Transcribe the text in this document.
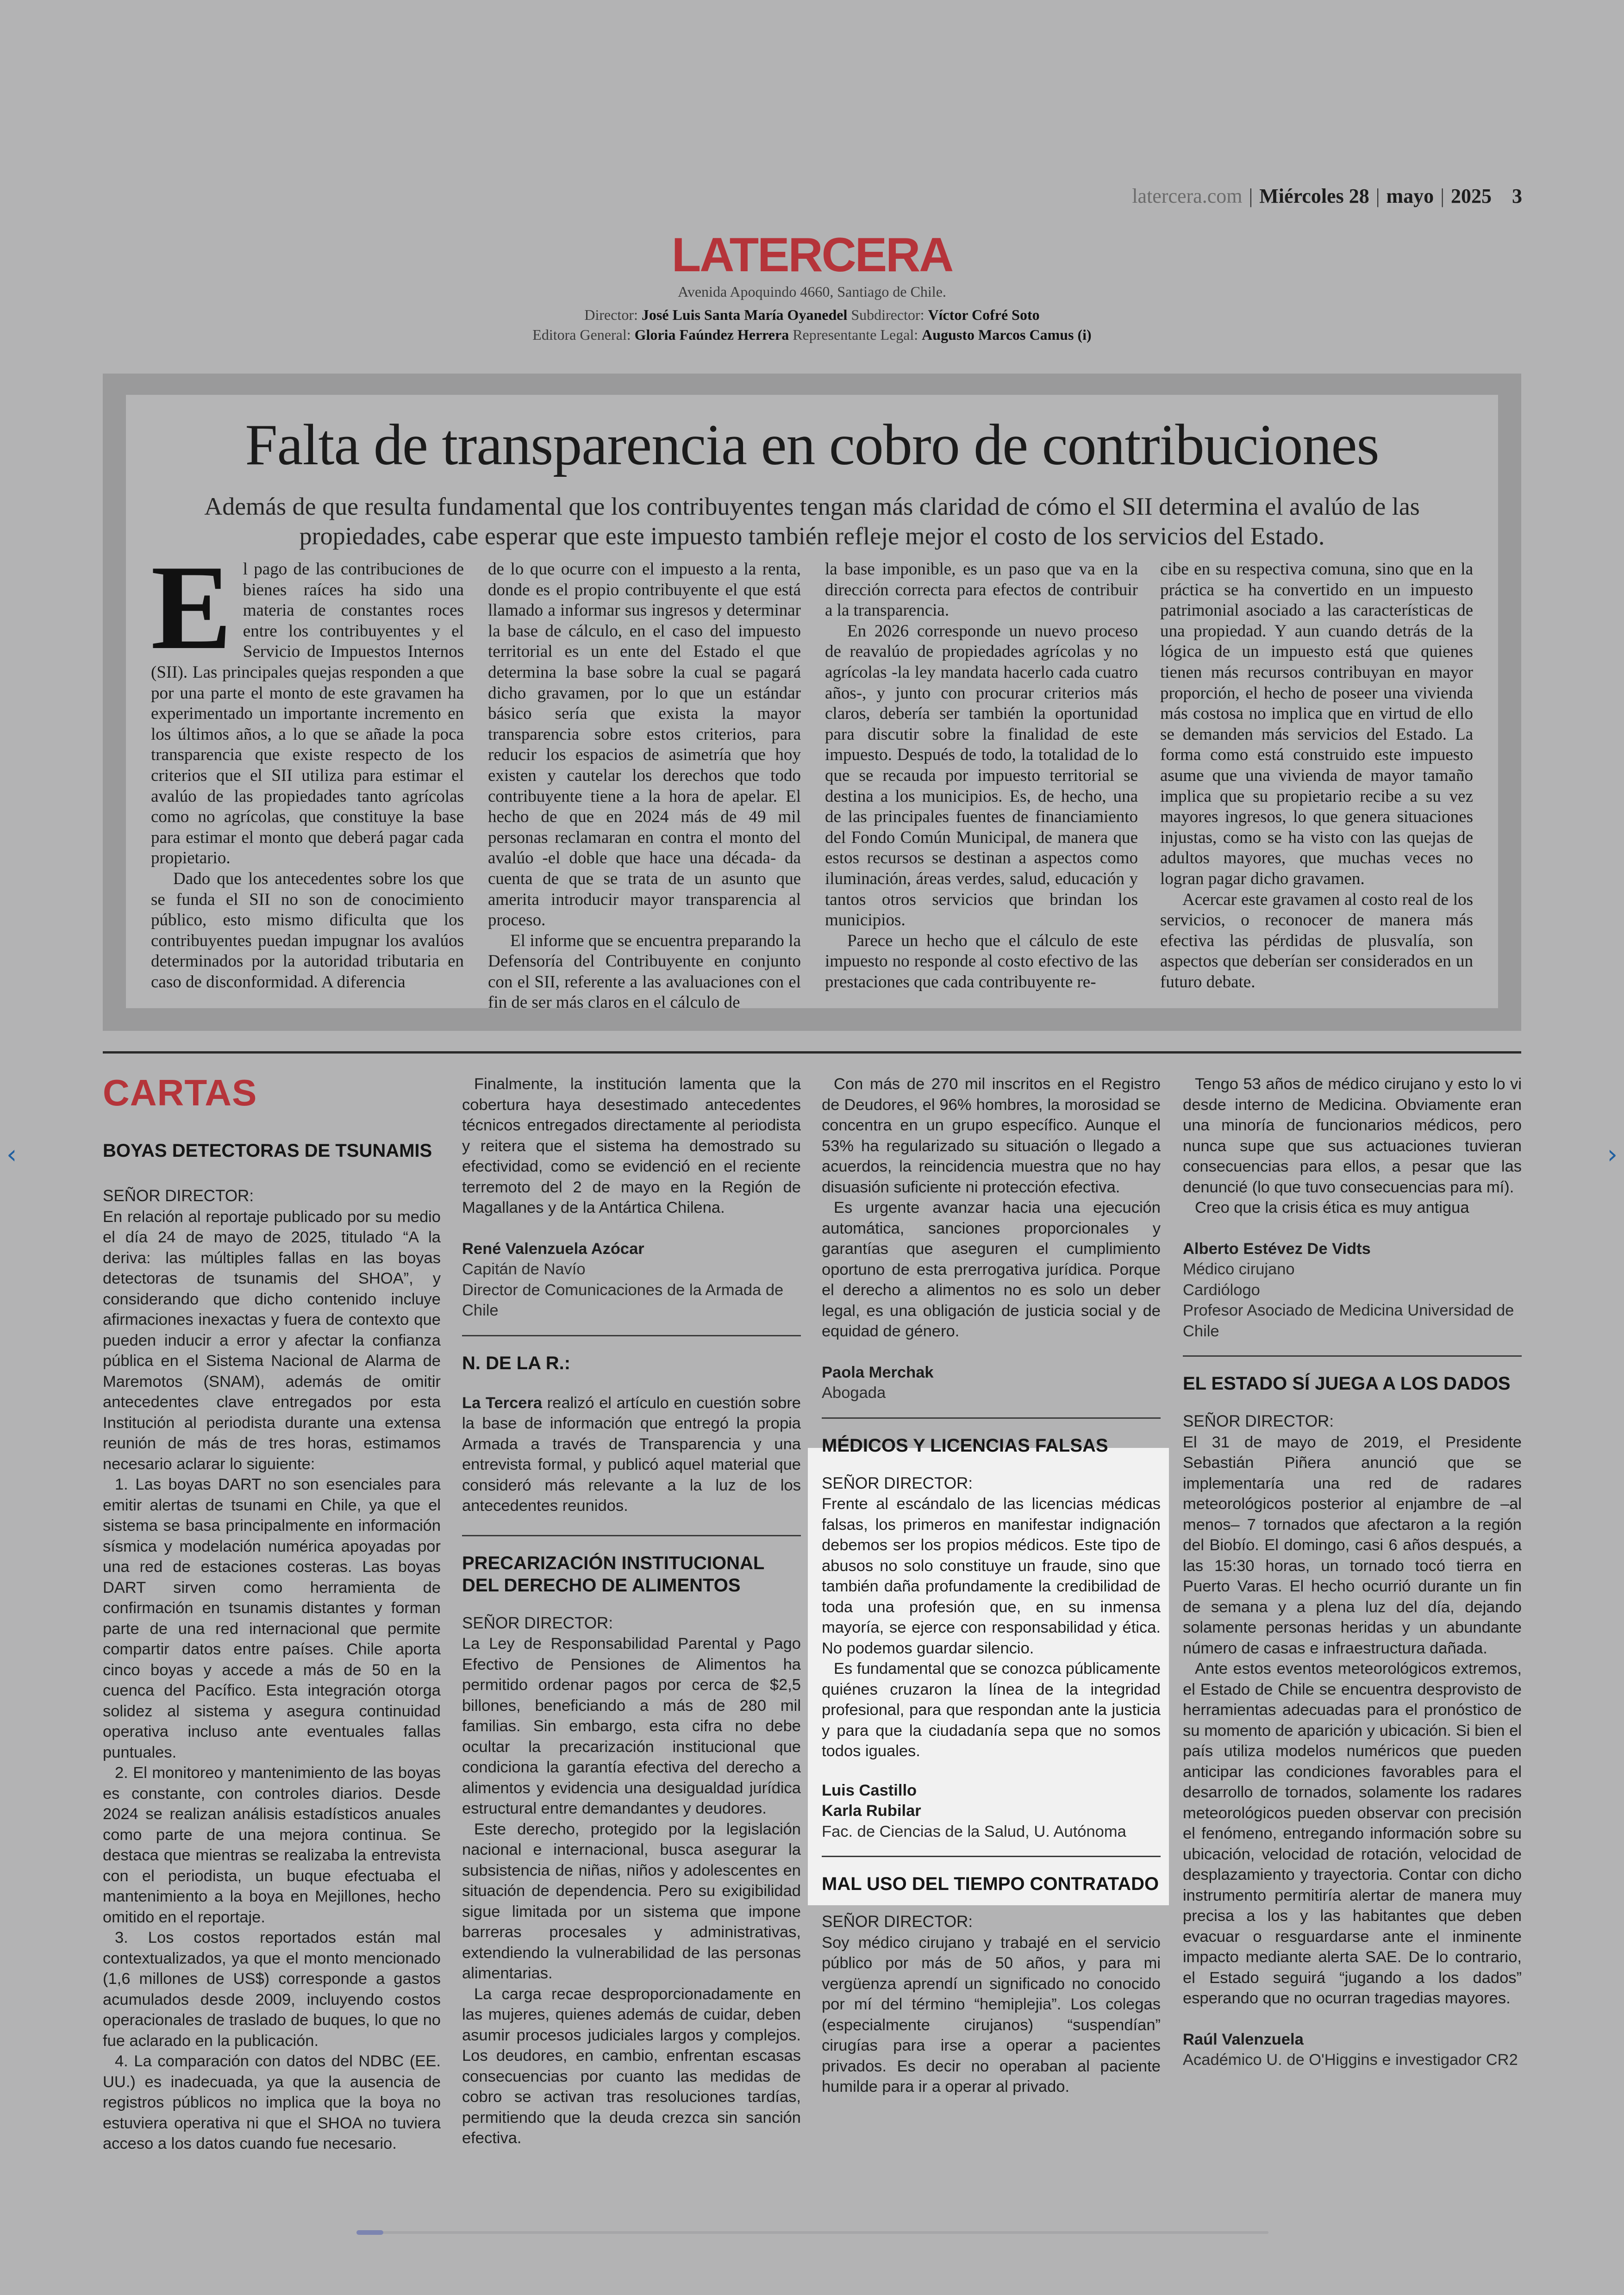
latercera.com | Miércoles 28 | mayo | 2025 3
LATERCERA
Avenida Apoquindo 4660, Santiago de Chile.
Director: José Luis Santa María Oyanedel Subdirector: Víctor Cofré Soto
Editora General: Gloria Faúndez Herrera Representante Legal: Augusto Marcos Camus (i)
Falta de transparencia en cobro de contribuciones
Además de que resulta fundamental que los contribuyentes tengan más claridad de cómo el SII determina el avalúo de las propiedades, cabe esperar que este impuesto también refleje mejor el costo de los servicios del Estado.

El pago de las contribuciones de bienes raíces ha sido una materia de constantes roces entre los contribuyentes y el Servicio de Impuestos Internos (SII). Las principales quejas responden a que por una parte el monto de este gravamen ha experimentado un importante incremento en los últimos años, a lo que se añade la poca transparencia que existe respecto de los criterios que el SII utiliza para estimar el avalúo de las propiedades tanto agrícolas como no agrícolas, que constituye la base para estimar el monto que deberá pagar cada propietario.

Dado que los antecedentes sobre los que se funda el SII no son de conocimiento público, esto mismo dificulta que los contribuyentes puedan impugnar los avalúos determinados por la autoridad tributaria en caso de disconformidad. A diferencia

de lo que ocurre con el impuesto a la renta, donde es el propio contribuyente el que está llamado a informar sus ingresos y determinar la base de cálculo, en el caso del impuesto territorial es un ente del Estado el que determina la base sobre la cual se pagará dicho gravamen, por lo que un estándar básico sería que exista la mayor transparencia sobre estos criterios, para reducir los espacios de asimetría que hoy existen y cautelar los derechos que todo contribuyente tiene a la hora de apelar. El hecho de que en 2024 más de 49 mil personas reclamaran en contra el monto del avalúo -el doble que hace una década- da cuenta de que se trata de un asunto que amerita introducir mayor transparencia al proceso.

El informe que se encuentra preparando la Defensoría del Contribuyente en conjunto con el SII, referente a las avaluaciones con el fin de ser más claros en el cálculo de

la base imponible, es un paso que va en la dirección correcta para efectos de contribuir a la transparencia.

En 2026 corresponde un nuevo proceso de reavalúo de propiedades agrícolas y no agrícolas -la ley mandata hacerlo cada cuatro años-, y junto con procurar criterios más claros, debería ser también la oportunidad para discutir sobre la finalidad de este impuesto. Después de todo, la totalidad de lo que se recauda por impuesto territorial se destina a los municipios. Es, de hecho, una de las principales fuentes de financiamiento del Fondo Común Municipal, de manera que estos recursos se destinan a aspectos como iluminación, áreas verdes, salud, educación y tantos otros servicios que brindan los municipios.

Parece un hecho que el cálculo de este impuesto no responde al costo efectivo de las prestaciones que cada contribuyente re-

cibe en su respectiva comuna, sino que en la práctica se ha convertido en un impuesto patrimonial asociado a las características de una propiedad. Y aun cuando detrás de la lógica de un impuesto está que quienes tienen más recursos contribuyan en mayor proporción, el hecho de poseer una vivienda más costosa no implica que en virtud de ello se demanden más servicios del Estado. La forma como está construido este impuesto asume que una vivienda de mayor tamaño implica que su propietario recibe a su vez mayores ingresos, lo que genera situaciones injustas, como se ha visto con las quejas de adultos mayores, que muchas veces no logran pagar dicho gravamen.

Acercar este gravamen al costo real de los servicios, o reconocer de manera más efectiva las pérdidas de plusvalía, son aspectos que deberían ser considerados en un futuro debate.

CARTAS

BOYAS DETECTORAS DE TSUNAMIS

SEÑOR DIRECTOR:

En relación al reportaje publicado por su medio el día 24 de mayo de 2025, titulado “A la deriva: las múltiples fallas en las boyas detectoras de tsunamis del SHOA”, y considerando que dicho contenido incluye afirmaciones inexactas y fuera de contexto que pueden inducir a error y afectar la confianza pública en el Sistema Nacional de Alarma de Maremotos (SNAM), además de omitir antecedentes clave entregados por esta Institución al periodista durante una extensa reunión de más de tres horas, estimamos necesario aclarar lo siguiente:

1. Las boyas DART no son esenciales para emitir alertas de tsunami en Chile, ya que el sistema se basa principalmente en información sísmica y modelación numérica apoyadas por una red de estaciones costeras. Las boyas DART sirven como herramienta de confirmación en tsunamis distantes y forman parte de una red internacional que permite compartir datos entre países. Chile aporta cinco boyas y accede a más de 50 en la cuenca del Pacífico. Esta integración otorga solidez al sistema y asegura continuidad operativa incluso ante eventuales fallas puntuales.

2. El monitoreo y mantenimiento de las boyas es constante, con controles diarios. Desde 2024 se realizan análisis estadísticos anuales como parte de una mejora continua. Se destaca que mientras se realizaba la entrevista con el periodista, un buque efectuaba el mantenimiento a la boya en Mejillones, hecho omitido en el reportaje.

3. Los costos reportados están mal contextualizados, ya que el monto mencionado (1,6 millones de US$) corresponde a gastos acumulados desde 2009, incluyendo costos operacionales de traslado de buques, lo que no fue aclarado en la publicación.

4. La comparación con datos del NDBC (EE. UU.) es inadecuada, ya que la ausencia de registros públicos no implica que la boya no estuviera operativa ni que el SHOA no tuviera acceso a los datos cuando fue necesario.

Finalmente, la institución lamenta que la cobertura haya desestimado antecedentes técnicos entregados directamente al periodista y reitera que el sistema ha demostrado su efectividad, como se evidenció en el reciente terremoto del 2 de mayo en la Región de Magallanes y de la Antártica Chilena.

René Valenzuela Azócar

Capitán de Navío

Director de Comunicaciones de la Armada de Chile

N. DE LA R.:

La Tercera realizó el artículo en cuestión sobre la base de información que entregó la propia Armada a través de Transparencia y una entrevista formal, y publicó aquel material que consideró más relevante a la luz de los antecedentes reunidos.

PRECARIZACIÓN INSTITUCIONAL DEL DERECHO DE ALIMENTOS

SEÑOR DIRECTOR:

La Ley de Responsabilidad Parental y Pago Efectivo de Pensiones de Alimentos ha permitido ordenar pagos por cerca de $2,5 billones, beneficiando a más de 280 mil familias. Sin embargo, esta cifra no debe ocultar la precarización institucional que condiciona la garantía efectiva del derecho a alimentos y evidencia una desigualdad jurídica estructural entre demandantes y deudores.

Este derecho, protegido por la legislación nacional e internacional, busca asegurar la subsistencia de niñas, niños y adolescentes en situación de dependencia. Pero su exigibilidad sigue limitada por un sistema que impone barreras procesales y administrativas, extendiendo la vulnerabilidad de las personas alimentarias.

La carga recae desproporcionadamente en las mujeres, quienes además de cuidar, deben asumir procesos judiciales largos y complejos. Los deudores, en cambio, enfrentan escasas consecuencias por cuanto las medidas de cobro se activan tras resoluciones tardías, permitiendo que la deuda crezca sin sanción efectiva.

Con más de 270 mil inscritos en el Registro de Deudores, el 96% hombres, la morosidad se concentra en un grupo específico. Aunque el 53% ha regularizado su situación o llegado a acuerdos, la reincidencia muestra que no hay disuasión suficiente ni protección efectiva.

Es urgente avanzar hacia una ejecución automática, sanciones proporcionales y garantías que aseguren el cumplimiento oportuno de esta prerrogativa jurídica. Porque el derecho a alimentos no es solo un deber legal, es una obligación de justicia social y de equidad de género.

Paola Merchak

Abogada

MÉDICOS Y LICENCIAS FALSAS

SEÑOR DIRECTOR:

Frente al escándalo de las licencias médicas falsas, los primeros en manifestar indignación debemos ser los propios médicos. Este tipo de abusos no solo constituye un fraude, sino que también daña profundamente la credibilidad de toda una profesión que, en su inmensa mayoría, se ejerce con responsabilidad y ética. No podemos guardar silencio.

Es fundamental que se conozca públicamente quiénes cruzaron la línea de la integridad profesional, para que respondan ante la justicia y para que la ciudadanía sepa que no somos todos iguales.

Luis Castillo

Karla Rubilar

Fac. de Ciencias de la Salud, U. Autónoma

MAL USO DEL TIEMPO CONTRATADO

SEÑOR DIRECTOR:

Soy médico cirujano y trabajé en el servicio público por más de 50 años, y para mi vergüenza aprendí un significado no conocido por mí del término “hemiplejia”. Los colegas (especialmente cirujanos) “suspendían” cirugías para irse a operar a pacientes privados. Es decir no operaban al paciente humilde para ir a operar al privado.

Tengo 53 años de médico cirujano y esto lo vi desde interno de Medicina. Obviamente eran una minoría de funcionarios médicos, pero nunca supe que sus actuaciones tuvieran consecuencias para ellos, a pesar que las denuncié (lo que tuvo consecuencias para mí).

Creo que la crisis ética es muy antigua

Alberto Estévez De Vidts

Médico cirujano

Cardiólogo

Profesor Asociado de Medicina Universidad de Chile

EL ESTADO SÍ JUEGA A LOS DADOS

SEÑOR DIRECTOR:

El 31 de mayo de 2019, el Presidente Sebastián Piñera anunció que se implementaría una red de radares meteorológicos posterior al enjambre de –al menos– 7 tornados que afectaron a la región del Biobío. El domingo, casi 6 años después, a las 15:30 horas, un tornado tocó tierra en Puerto Varas. El hecho ocurrió durante un fin de semana y a plena luz del día, dejando solamente personas heridas y un abundante número de casas e infraestructura dañada.

Ante estos eventos meteorológicos extremos, el Estado de Chile se encuentra desprovisto de herramientas adecuadas para el pronóstico de su momento de aparición y ubicación. Si bien el país utiliza modelos numéricos que pueden anticipar las condiciones favorables para el desarrollo de tornados, solamente los radares meteorológicos pueden observar con precisión el fenómeno, entregando información sobre su ubicación, velocidad de rotación, velocidad de desplazamiento y trayectoria. Contar con dicho instrumento permitiría alertar de manera muy precisa a los y las habitantes que deben evacuar o resguardarse ante el inminente impacto mediante alerta SAE. De lo contrario, el Estado seguirá “jugando a los dados” esperando que no ocurran tragedias mayores.

Raúl Valenzuela

Académico U. de O'Higgins e investigador CR2

‹	›
